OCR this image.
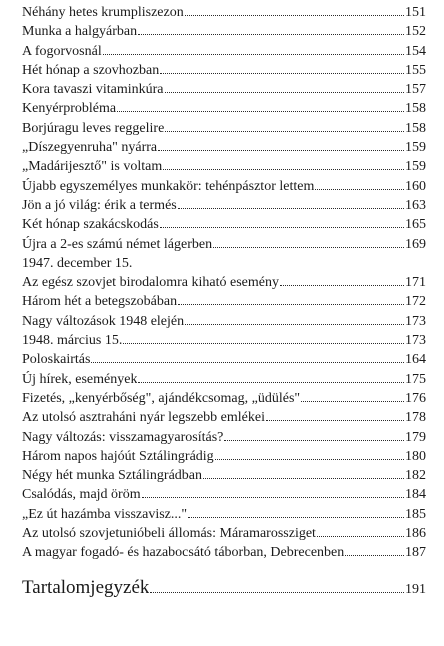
Néhány hetes krumpliszezon	151
Munka a halgyárban	152
A fogorvosnál	154
Hét hónap a szovhozban	155
Kora tavaszi vitaminkúra	157
Kenyérprobléma	158
Borjúragu leves reggelire	158
„Díszegyenruha" nyárra	159
„Madárijesztő" is voltam	159
Újabb egyszemélyes munkakör: tehénpásztor lettem	160
Jön a jó világ: érik a termés	163
Két hónap szakácskodás	165
Újra a 2-es számú német lágerben	169
1947. december 15.
Az egész szovjet birodalomra kiható esemény	171
Három hét a betegszobában	172
Nagy változások 1948 elején	173
1948. március 15.	173
Poloskairtás	164
Új hírek, események	175
Fizetés, „kenyérbőség", ajándékcsomag, „üdülés"	176
Az utolsó asztraháni nyár legszebb emlékei	178
Nagy változás: visszamagyarosítás?	179
Három napos hajóút Sztálingrádig	180
Négy hét munka Sztálingrádban	182
Csalódás, majd öröm	184
„Ez út hazámba visszavisz..."	185
Az utolsó szovjetunióbeli állomás: Máramarossziget	186
A magyar fogadó- és hazabocsátó táborban, Debrecenben	187
Tartalomjegyzék	191
